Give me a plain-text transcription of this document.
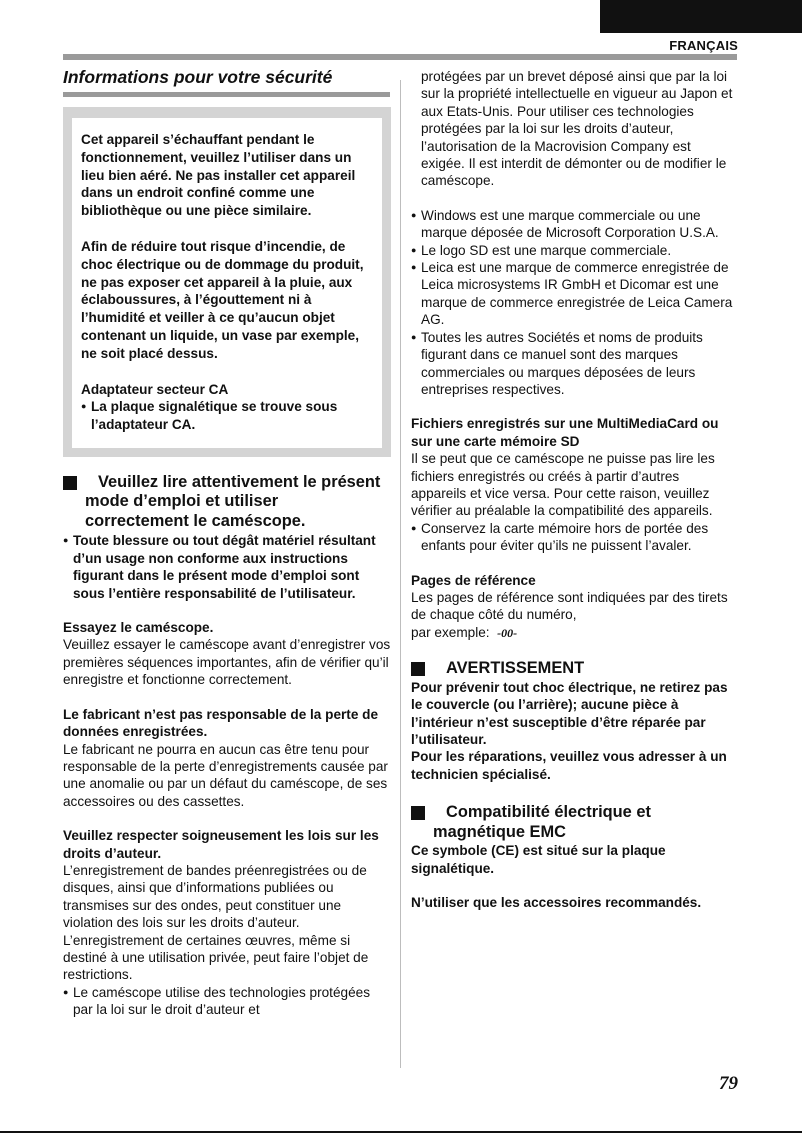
FRANÇAIS
Informations pour votre sécurité

Cet appareil s’échauffant pendant le fonctionnement, veuillez l’utiliser dans un lieu bien aéré. Ne pas installer cet appareil dans un endroit confiné comme une bibliothèque ou une pièce similaire.

Afin de réduire tout risque d’incendie, de choc électrique ou de dommage du produit, ne pas exposer cet appareil à la pluie, aux éclaboussures, à l’égouttement ni à l’humidité et veiller à ce qu’aucun objet contenant un liquide, un vase par exemple, ne soit placé dessus.

Adaptateur secteur CA
● La plaque signalétique se trouve sous l’adaptateur CA.
Veuillez lire attentivement le présent
mode d’emploi et utiliser
correctement le caméscope.
● Toute blessure ou tout dégât matériel résultant d’un usage non conforme aux instructions figurant dans le présent mode d’emploi sont sous l’entière responsabilité de l’utilisateur.
Essayez le caméscope.
Veuillez essayer le caméscope avant d’enregistrer vos premières séquences importantes, afin de vérifier qu’il enregistre et fonctionne correctement.
Le fabricant n’est pas responsable de la perte de données enregistrées.
Le fabricant ne pourra en aucun cas être tenu pour responsable de la perte d’enregistrements causée par une anomalie ou par un défaut du caméscope, de ses accessoires ou des cassettes.
Veuillez respecter soigneusement les lois sur les droits d’auteur.
L’enregistrement de bandes préenregistrées ou de disques, ainsi que d’informations publiées ou transmises sur des ondes, peut constituer une violation des lois sur les droits d’auteur. L’enregistrement de certaines œuvres, même si destiné à une utilisation privée, peut faire l’objet de restrictions.
● Le caméscope utilise des technologies protégées par la loi sur le droit d’auteur et
protégées par un brevet déposé ainsi que par la loi sur la propriété intellectuelle en vigueur au Japon et aux Etats-Unis. Pour utiliser ces technologies protégées par la loi sur les droits d’auteur, l’autorisation de la Macrovision Company est exigée. Il est interdit de démonter ou de modifier le caméscope.
● Windows est une marque commerciale ou une marque déposée de Microsoft Corporation U.S.A.
● Le logo SD est une marque commerciale.
● Leica est une marque de commerce enregistrée de Leica microsystems IR GmbH et Dicomar est une marque de commerce enregistrée de Leica Camera AG.
● Toutes les autres Sociétés et noms de produits figurant dans ce manuel sont des marques commerciales ou marques déposées de leurs entreprises respectives.
Fichiers enregistrés sur une MultiMediaCard ou sur une carte mémoire SD
Il se peut que ce caméscope ne puisse pas lire les fichiers enregistrés ou créés à partir d’autres appareils et vice versa. Pour cette raison, veuillez vérifier au préalable la compatibilité des appareils.
● Conservez la carte mémoire hors de portée des enfants pour éviter qu’ils ne puissent l’avaler.
Pages de référence
Les pages de référence sont indiquées par des tirets de chaque côté du numéro,
par exemple: -00-
AVERTISSEMENT
Pour prévenir tout choc électrique, ne retirez pas le couvercle (ou l’arrière); aucune pièce à l’intérieur n’est susceptible d’être réparée par l’utilisateur.
Pour les réparations, veuillez vous adresser à un technicien spécialisé.
Compatibilité électrique et
magnétique EMC
Ce symbole (CE) est situé sur la plaque signalétique.
N’utiliser que les accessoires recommandés.
79
